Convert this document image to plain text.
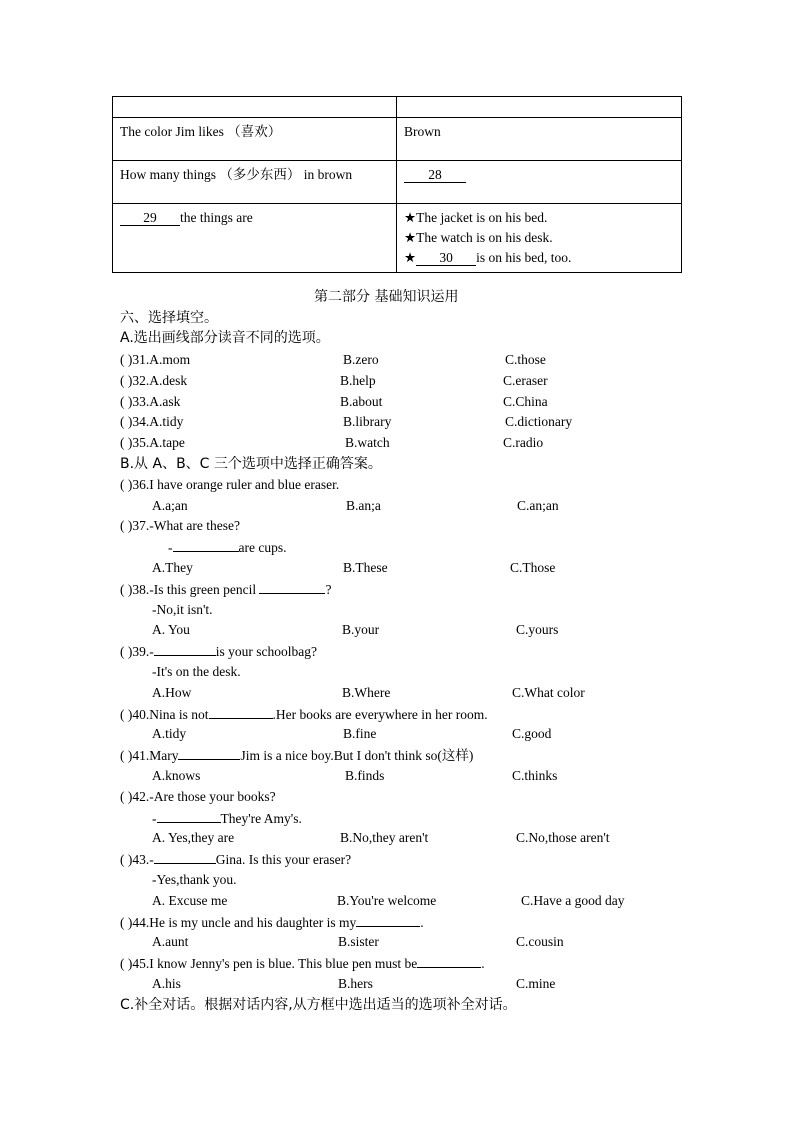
The color Jim likes （喜欢）	Brown
How many things （多少东西） in brown	28
29 the things are	★The jacket is on his bed.
★The watch is on his desk.
★ 30 is on his bed, too.
第二部分 基础知识运用
六、选择填空。
A.选出画线部分读音不同的选项。
( )31.A.mom	B.zero	C.those
( )32.A.desk	B.help	C.eraser
( )33.A.ask	B.about	C.China
( )34.A.tidy	B.library	C.dictionary
( )35.A.tape	B.watch	C.radio
B.从 A、B、C 三个选项中选择正确答案。
( )36.I have orange ruler and blue eraser.
A.a;an	B.an;a	C.an;an
( )37.-What are these?
-	are cups.
A.They	B.These	C.Those
( )38.-Is this green pencil	?
-No,it isn't.
A. You	B.your	C.yours
( )39.-	is your schoolbag?
-It's on the desk.
A.How	B.Where	C.What color
( )40.Nina is not	.Her books are everywhere in her room.
A.tidy	B.fine	C.good
( )41.Mary	Jim is a nice boy.But I don't think so(这样)
A.knows	B.finds	C.thinks
( )42.-Are those your books?
-	They're Amy's.
A. Yes,they are	B.No,they aren't	C.No,those aren't
( )43.-	Gina. Is this your eraser?
-Yes,thank you.
A. Excuse me	B.You're welcome	C.Have a good day
( )44.He is my uncle and his daughter is my	.
A.aunt	B.sister	C.cousin
( )45.I know Jenny's pen is blue. This blue pen must be	.
A.his	B.hers	C.mine
C.补全对话。根据对话内容,从方框中选出适当的选项补全对话。
